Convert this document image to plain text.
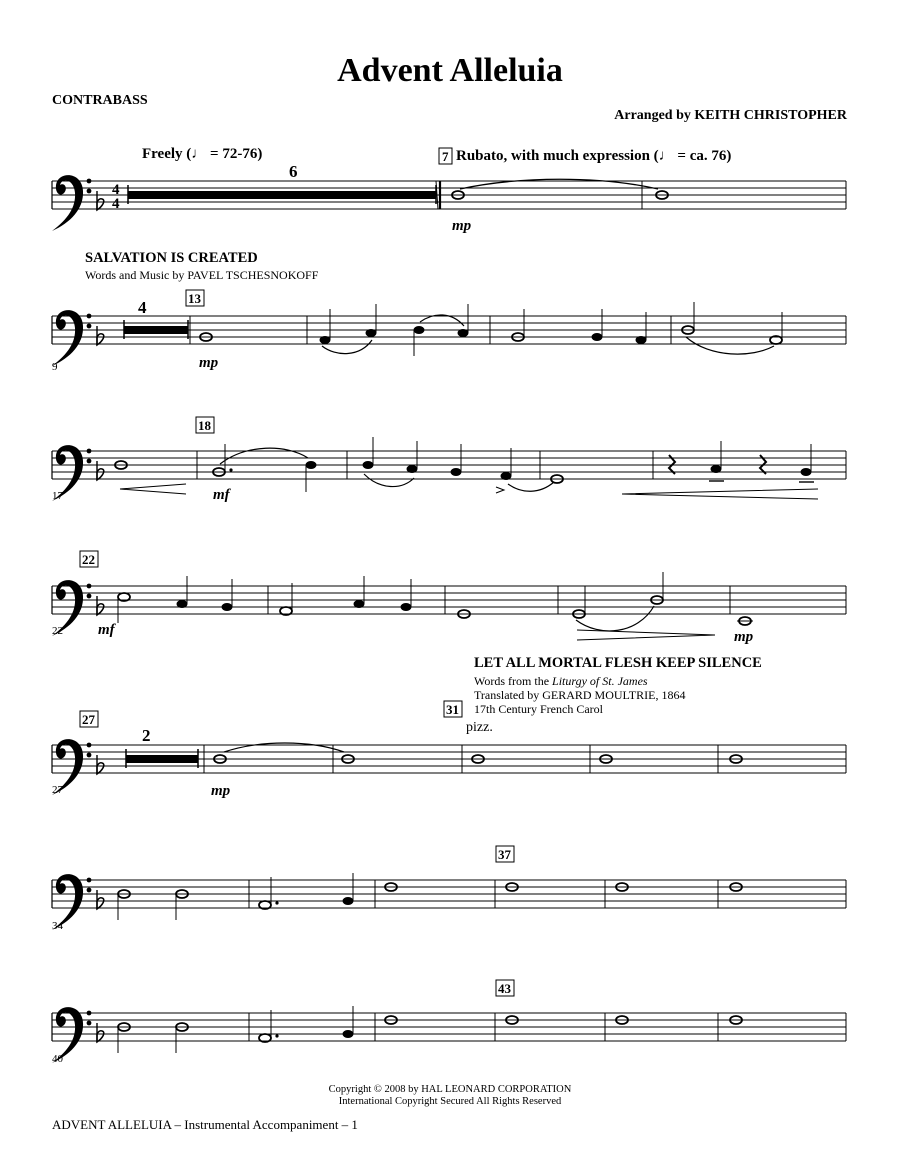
Advent Alleluia
CONTRABASS
Arranged by KEITH CHRISTOPHER
Freely (♩ = 72-76)	Rubato, with much expression (♩ = ca. 76)
SALVATION IS CREATED
Words and Music by PAVEL TSCHESNOKOFF
LET ALL MORTAL FLESH KEEP SILENCE
Words from the Liturgy of St. James
Translated by GERARD MOULTRIE, 1864
17th Century French Carol
pizz.
Copyright © 2008 by HAL LEONARD CORPORATION
International Copyright Secured All Rights Reserved
ADVENT ALLELUIA – Instrumental Accompaniment – 1
4
4
6
7
mp
4	13
mp
9
18
mf
17
22
mf	mp
22
27
2
mp
31
27
37
34
43
40
